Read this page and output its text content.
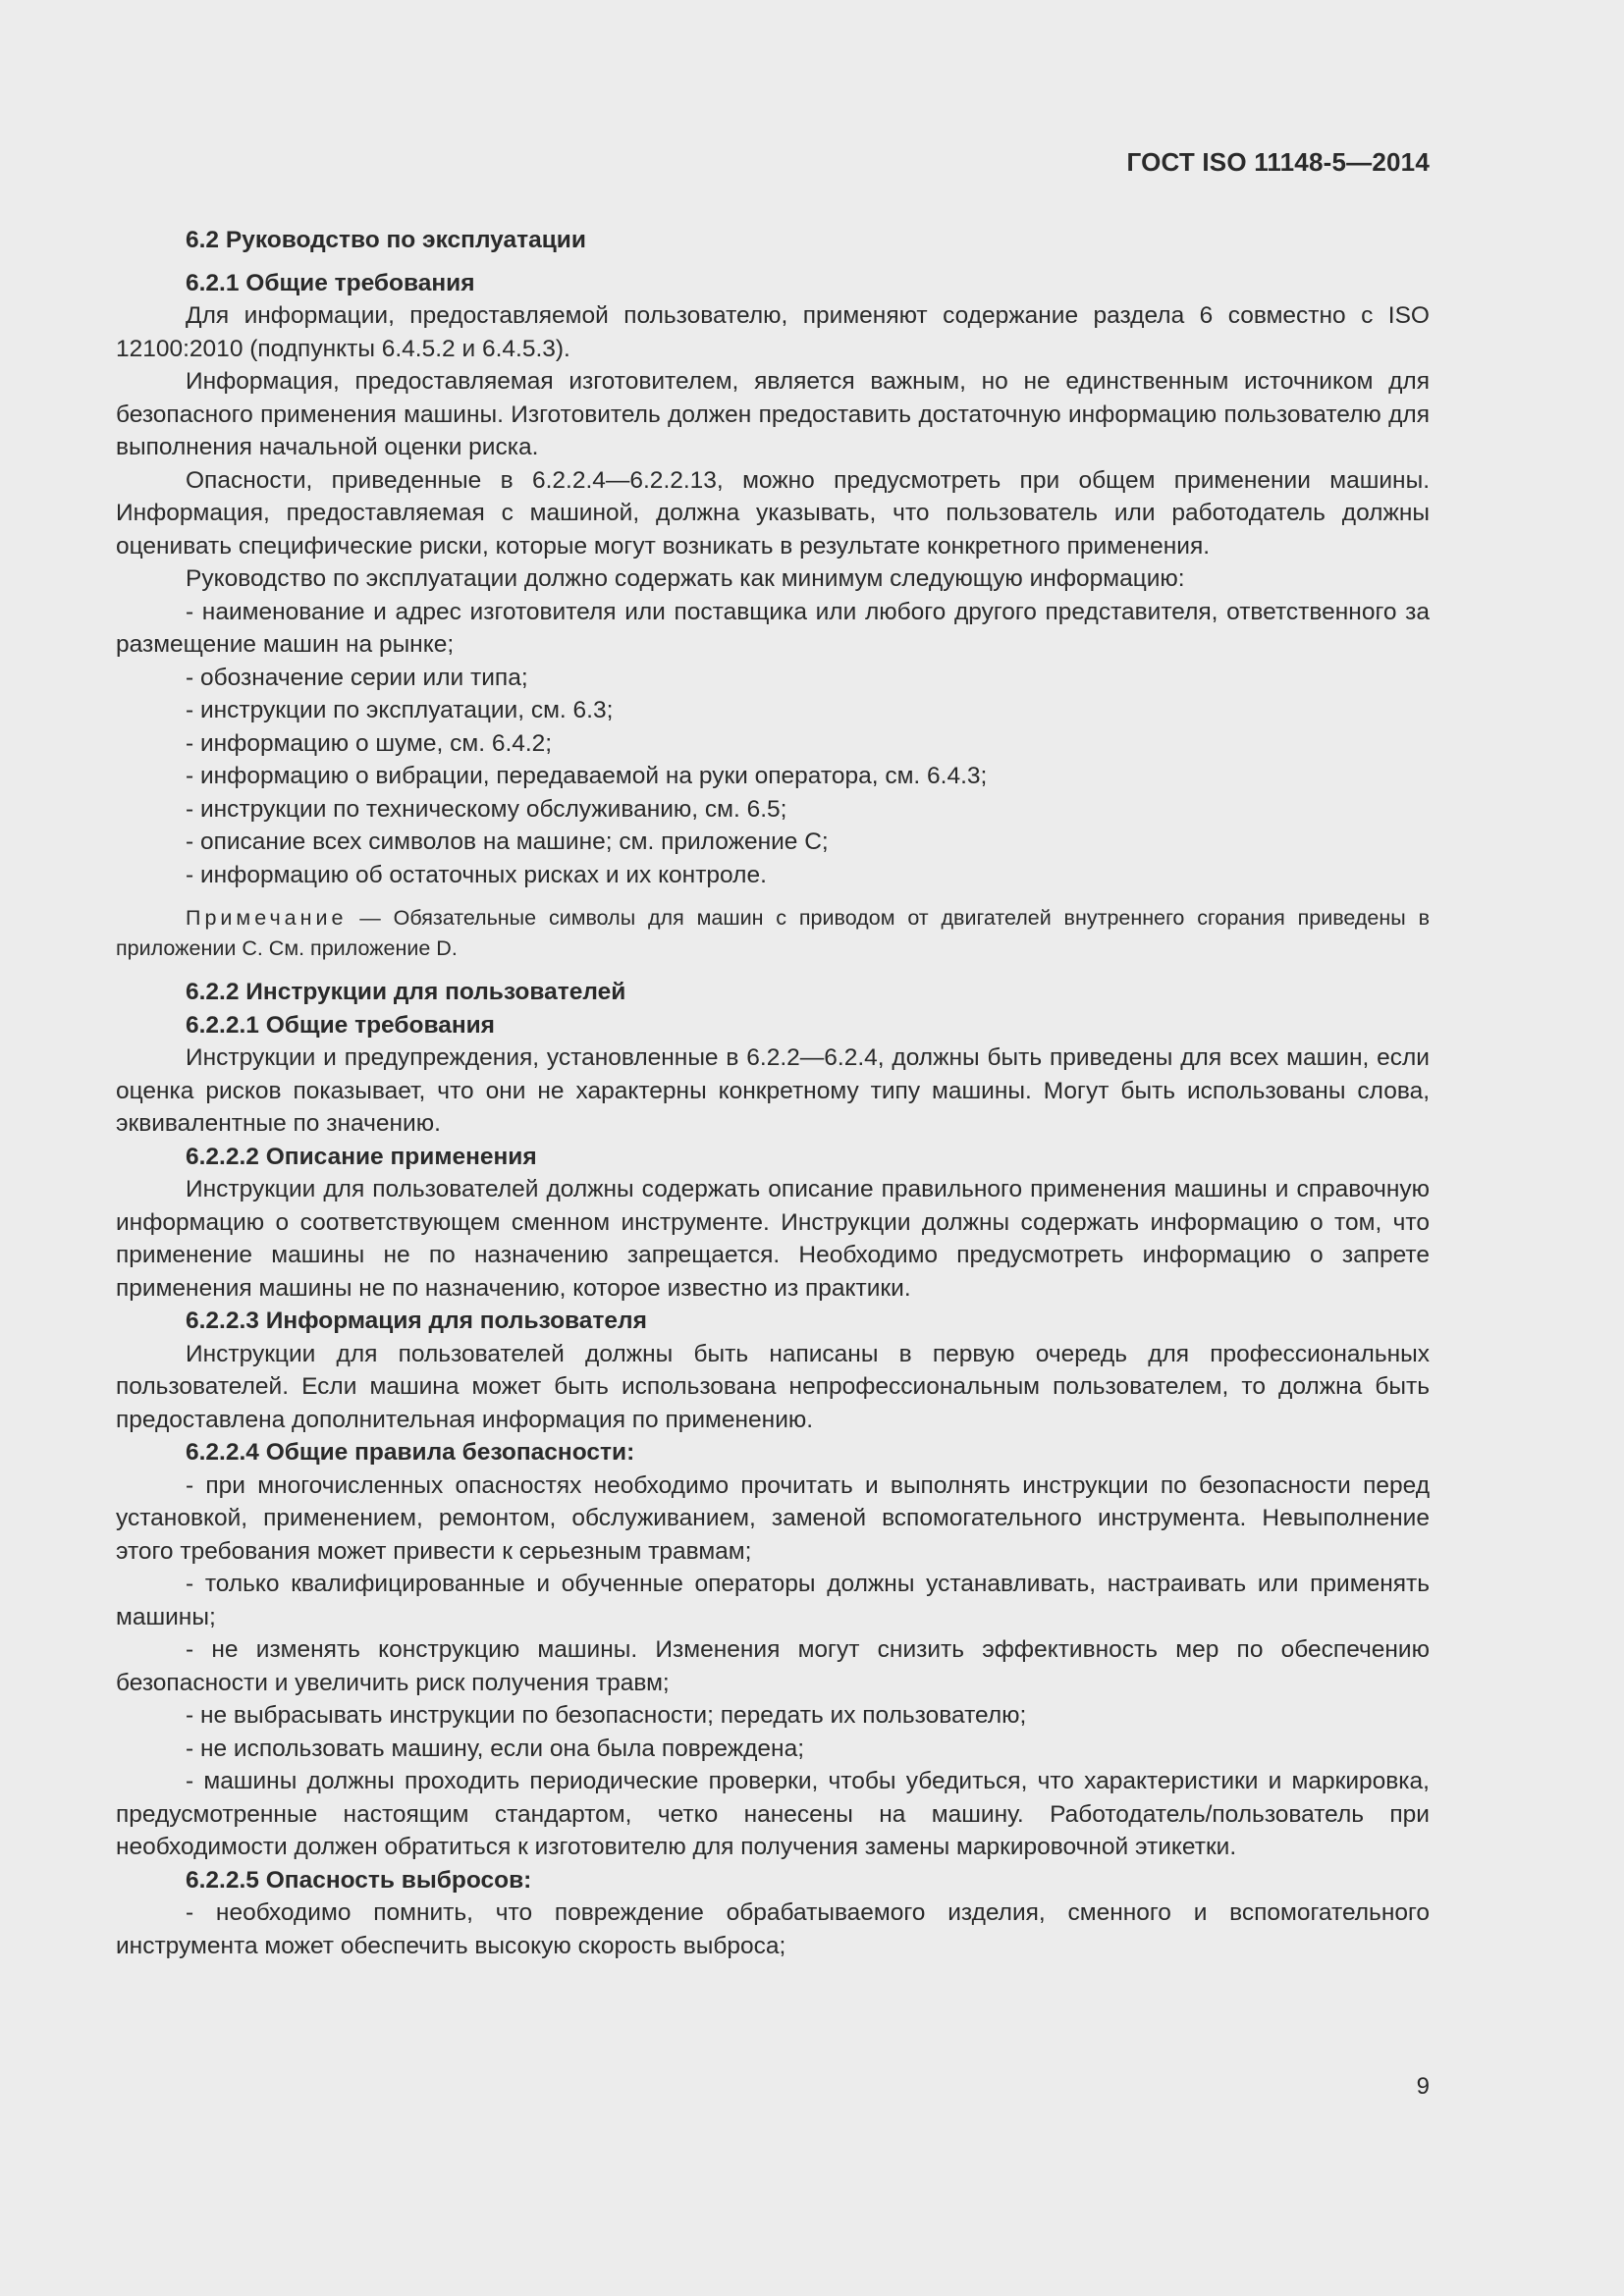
ГОСТ ISO 11148-5—2014

6.2 Руководство по эксплуатации

6.2.1 Общие требования

Для информации, предоставляемой пользователю, применяют содержание раздела 6 совместно с ISO 12100:2010 (подпункты 6.4.5.2 и 6.4.5.3).

Информация, предоставляемая изготовителем, является важным, но не единственным источником для безопасного применения машины. Изготовитель должен предоставить достаточную информацию пользователю для выполнения начальной оценки риска.

Опасности, приведенные в 6.2.2.4—6.2.2.13, можно предусмотреть при общем применении машины. Информация, предоставляемая с машиной, должна указывать, что пользователь или работодатель должны оценивать специфические риски, которые могут возникать в результате конкретного применения.

Руководство по эксплуатации должно содержать как минимум следующую информацию:

- наименование и адрес изготовителя или поставщика или любого другого представителя, ответственного за размещение машин на рынке;

- обозначение серии или типа;

- инструкции по эксплуатации, см. 6.3;

- информацию о шуме, см. 6.4.2;

- информацию о вибрации, передаваемой на руки оператора, см. 6.4.3;

- инструкции по техническому обслуживанию, см. 6.5;

- описание всех символов на машине; см. приложение С;

- информацию об остаточных рисках и их контроле.

Примечание — Обязательные символы для машин с приводом от двигателей внутреннего сгорания приведены в приложении С. См. приложение D.

6.2.2 Инструкции для пользователей

6.2.2.1 Общие требования

Инструкции и предупреждения, установленные в 6.2.2—6.2.4, должны быть приведены для всех машин, если оценка рисков показывает, что они не характерны конкретному типу машины. Могут быть использованы слова, эквивалентные по значению.

6.2.2.2 Описание применения

Инструкции для пользователей должны содержать описание правильного применения машины и справочную информацию о соответствующем сменном инструменте. Инструкции должны содержать информацию о том, что применение машины не по назначению запрещается. Необходимо предусмотреть информацию о запрете применения машины не по назначению, которое известно из практики.

6.2.2.3 Информация для пользователя

Инструкции для пользователей должны быть написаны в первую очередь для профессиональных пользователей. Если машина может быть использована непрофессиональным пользователем, то должна быть предоставлена дополнительная информация по применению.

6.2.2.4 Общие правила безопасности:

- при многочисленных опасностях необходимо прочитать и выполнять инструкции по безопасности перед установкой, применением, ремонтом, обслуживанием, заменой вспомогательного инструмента. Невыполнение этого требования может привести к серьезным травмам;

- только квалифицированные и обученные операторы должны устанавливать, настраивать или применять машины;

- не изменять конструкцию машины. Изменения могут снизить эффективность мер по обеспечению безопасности и увеличить риск получения травм;

- не выбрасывать инструкции по безопасности; передать их пользователю;

- не использовать машину, если она была повреждена;

- машины должны проходить периодические проверки, чтобы убедиться, что характеристики и маркировка, предусмотренные настоящим стандартом, четко нанесены на машину. Работодатель/пользователь при необходимости должен обратиться к изготовителю для получения замены маркировочной этикетки.

6.2.2.5 Опасность выбросов:

- необходимо помнить, что повреждение обрабатываемого изделия, сменного и вспомогательного инструмента может обеспечить высокую скорость выброса;

9
